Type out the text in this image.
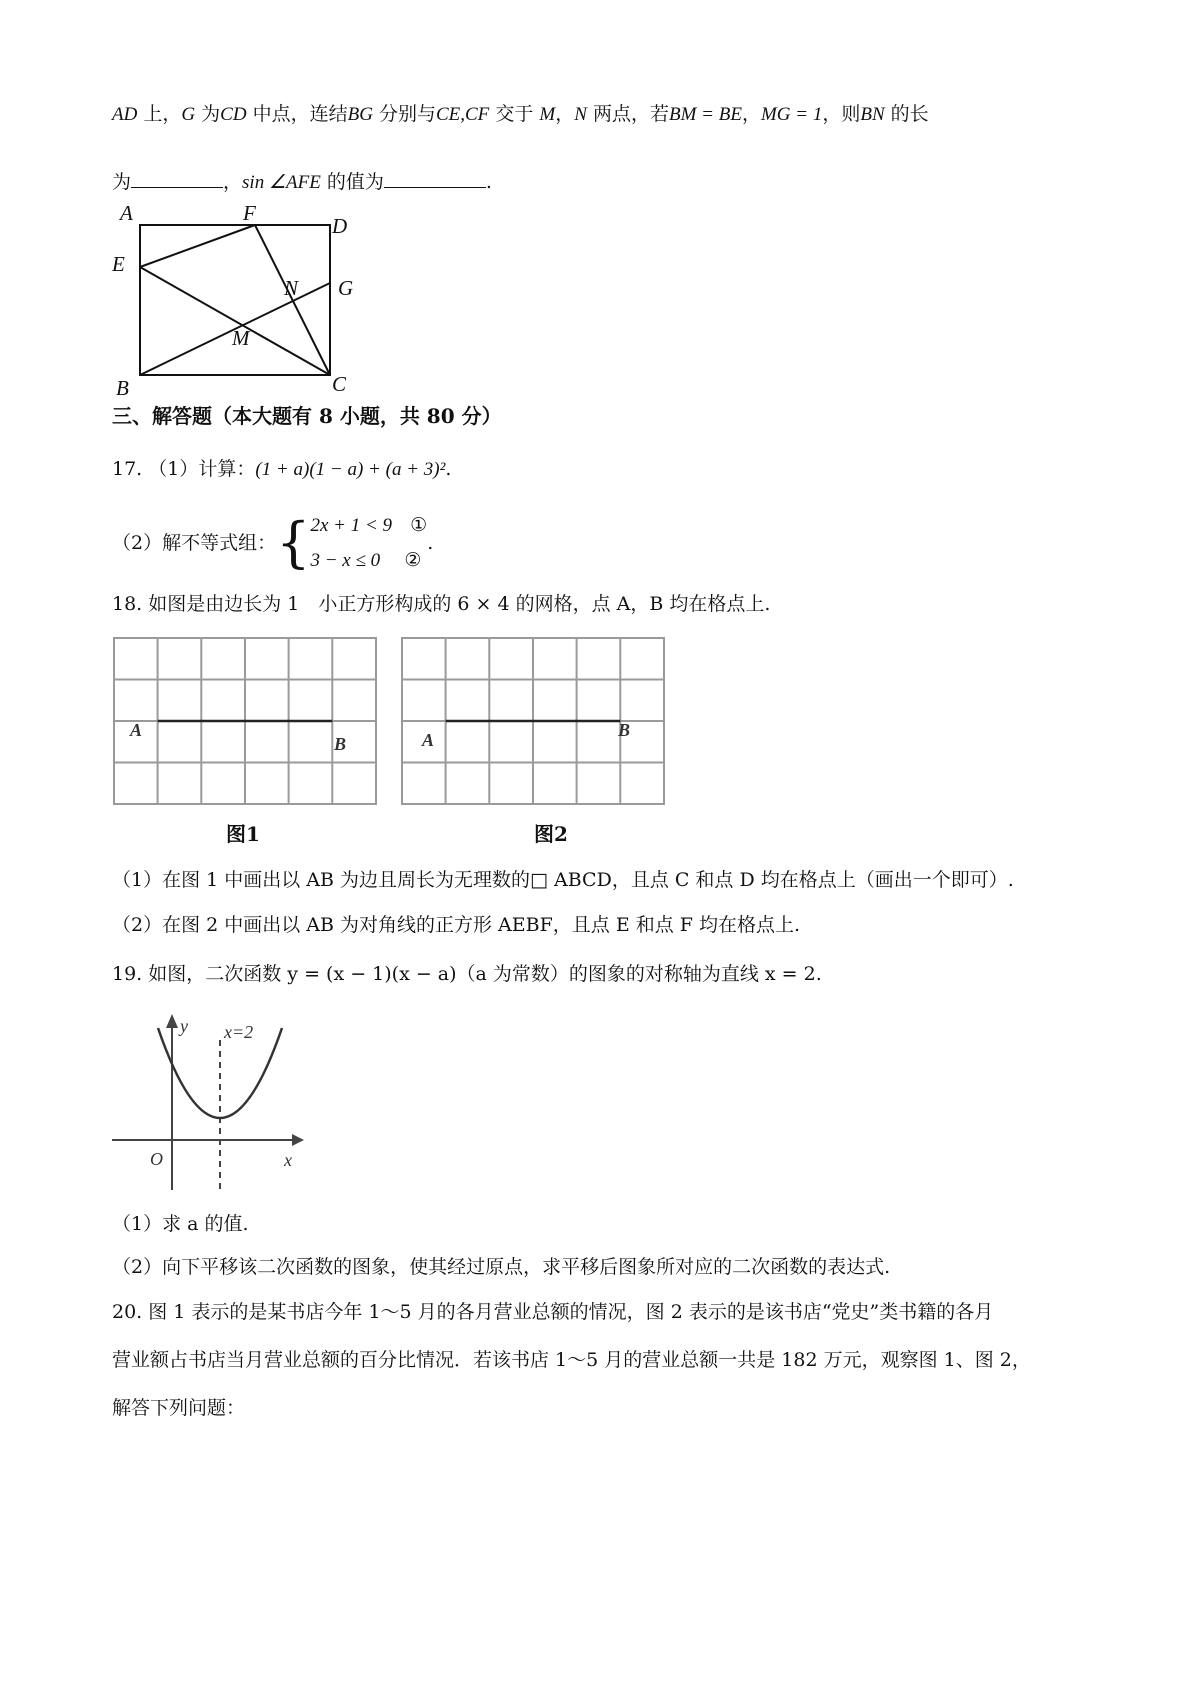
AD 上，G 为CD 中点，连结BG 分别与CE,CF 交于 M，N 两点，若BM = BE，MG = 1，则BN 的长
为	，sin ∠AFE 的值为	.
A	F
D
E
N G
M
B	C
三、解答题（本大题有 8 小题，共 80 分）
17. （1）计算：(1 + a)(1 − a) + (a + 3)².
（2）解不等式组：{ 2x + 1 < 9 ①
3 − x ≤ 0 ②
.
18. 如图是由边长为 1　小正方形构成的 6 × 4 的网格，点 A，B 均在格点上.
A
B	A	B
图1	图2
（1）在图 1 中画出以 AB 为边且周长为无理数的□ ABCD，且点 C 和点 D 均在格点上（画出一个即可）.
（2）在图 2 中画出以 AB 为对角线的正方形 AEBF，且点 E 和点 F 均在格点上.
19. 如图，二次函数 y = (x − 1)(x − a)（a 为常数）的图象的对称轴为直线 x = 2.
y x=2
O	x
（1）求 a 的值.
（2）向下平移该二次函数的图象，使其经过原点，求平移后图象所对应的二次函数的表达式.
20. 图 1 表示的是某书店今年 1～5 月的各月营业总额的情况，图 2 表示的是该书店“党史”类书籍的各月
营业额占书店当月营业总额的百分比情况．若该书店 1～5 月的营业总额一共是 182 万元，观察图 1、图 2，
解答下列问题：
